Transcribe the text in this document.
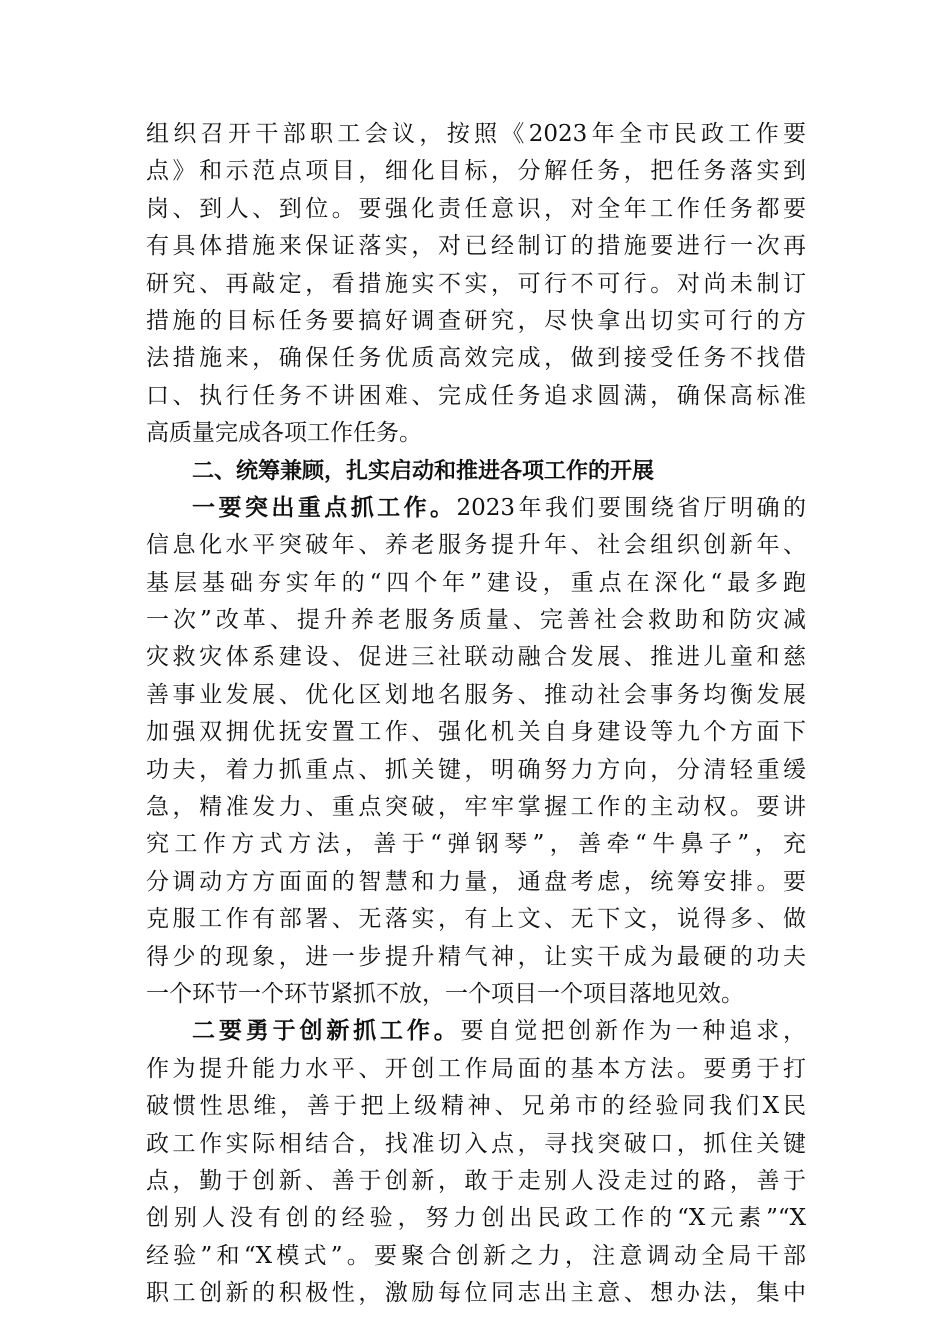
组织召开干部职工会议，按照《2023年全市民政工作要
点》和示范点项目，细化目标，分解任务，把任务落实到
岗、到人、到位。要强化责任意识，对全年工作任务都要
有具体措施来保证落实，对已经制订的措施要进行一次再
研究、再敲定，看措施实不实，可行不可行。对尚未制订
措施的目标任务要搞好调查研究，尽快拿出切实可行的方
法措施来，确保任务优质高效完成，做到接受任务不找借
口、执行任务不讲困难、完成任务追求圆满，确保高标准
高质量完成各项工作任务。
二、统筹兼顾，扎实启动和推进各项工作的开展
一要突出重点抓工作。2023年我们要围绕省厅明确的
信息化水平突破年、养老服务提升年、社会组织创新年、
基层基础夯实年的“四个年”建设，重点在深化“最多跑
一次”改革、提升养老服务质量、完善社会救助和防灾减
灾救灾体系建设、促进三社联动融合发展、推进儿童和慈
善事业发展、优化区划地名服务、推动社会事务均衡发展
加强双拥优抚安置工作、强化机关自身建设等九个方面下
功夫，着力抓重点、抓关键，明确努力方向，分清轻重缓
急，精准发力、重点突破，牢牢掌握工作的主动权。要讲
究工作方式方法，善于“弹钢琴”，善牵“牛鼻子”，充
分调动方方面面的智慧和力量，通盘考虑，统筹安排。要
克服工作有部署、无落实，有上文、无下文，说得多、做
得少的现象，进一步提升精气神，让实干成为最硬的功夫
一个环节一个环节紧抓不放，一个项目一个项目落地见效。
二要勇于创新抓工作。要自觉把创新作为一种追求，
作为提升能力水平、开创工作局面的基本方法。要勇于打
破惯性思维，善于把上级精神、兄弟市的经验同我们X民
政工作实际相结合，找准切入点，寻找突破口，抓住关键
点，勤于创新、善于创新，敢于走别人没走过的路，善于
创别人没有创的经验，努力创出民政工作的“X元素”“X
经验”和“X模式”。要聚合创新之力，注意调动全局干部
职工创新的积极性，激励每位同志出主意、想办法，集中
